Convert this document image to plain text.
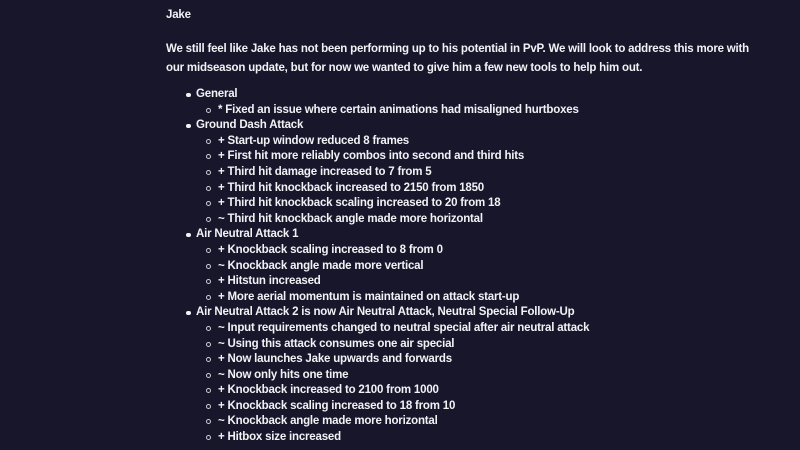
Jake
We still feel like Jake has not been performing up to his potential in PvP. We will look to address this more with our midseason update, but for now we wanted to give him a few new tools to help him out.
General
* Fixed an issue where certain animations had misaligned hurtboxes
Ground Dash Attack
+ Start-up window reduced 8 frames
+ First hit more reliably combos into second and third hits
+ Third hit damage increased to 7 from 5
+ Third hit knockback increased to 2150 from 1850
+ Third hit knockback scaling increased to 20 from 18
~ Third hit knockback angle made more horizontal
Air Neutral Attack 1
+ Knockback scaling increased to 8 from 0
~ Knockback angle made more vertical
+ Hitstun increased
+ More aerial momentum is maintained on attack start-up
Air Neutral Attack 2 is now Air Neutral Attack, Neutral Special Follow-Up
~ Input requirements changed to neutral special after air neutral attack
~ Using this attack consumes one air special
+ Now launches Jake upwards and forwards
~ Now only hits one time
+ Knockback increased to 2100 from 1000
+ Knockback scaling increased to 18 from 10
~ Knockback angle made more horizontal
+ Hitbox size increased
